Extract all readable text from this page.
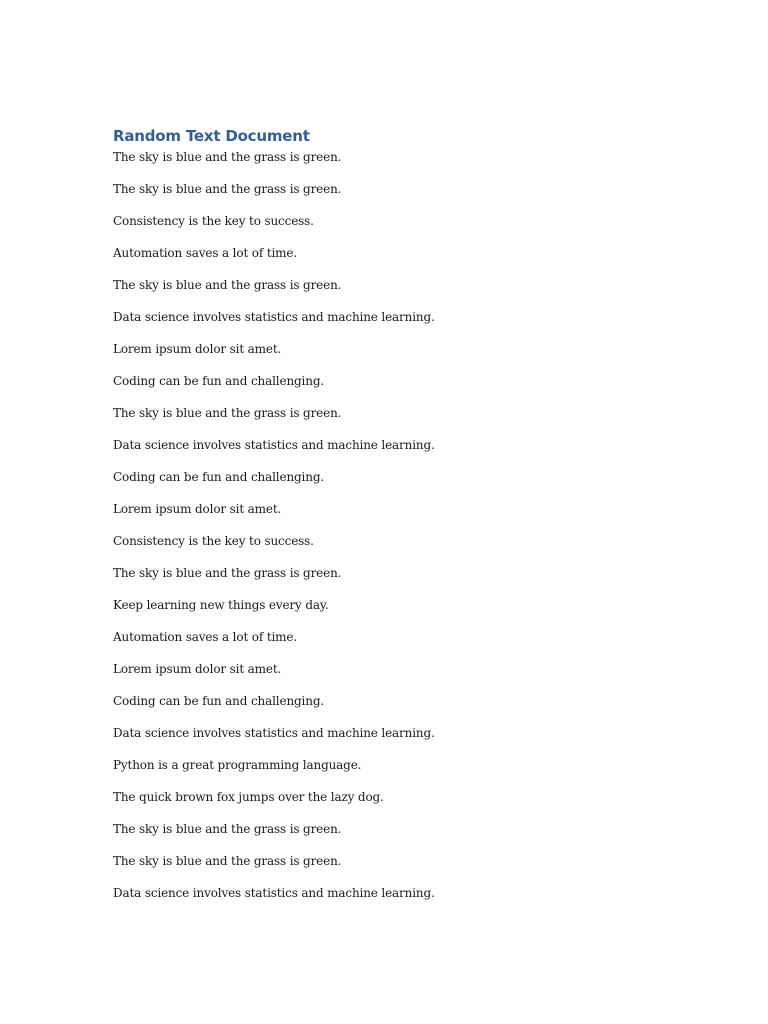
Random Text Document
The sky is blue and the grass is green.
The sky is blue and the grass is green.
Consistency is the key to success.
Automation saves a lot of time.
The sky is blue and the grass is green.
Data science involves statistics and machine learning.
Lorem ipsum dolor sit amet.
Coding can be fun and challenging.
The sky is blue and the grass is green.
Data science involves statistics and machine learning.
Coding can be fun and challenging.
Lorem ipsum dolor sit amet.
Consistency is the key to success.
The sky is blue and the grass is green.
Keep learning new things every day.
Automation saves a lot of time.
Lorem ipsum dolor sit amet.
Coding can be fun and challenging.
Data science involves statistics and machine learning.
Python is a great programming language.
The quick brown fox jumps over the lazy dog.
The sky is blue and the grass is green.
The sky is blue and the grass is green.
Data science involves statistics and machine learning.
